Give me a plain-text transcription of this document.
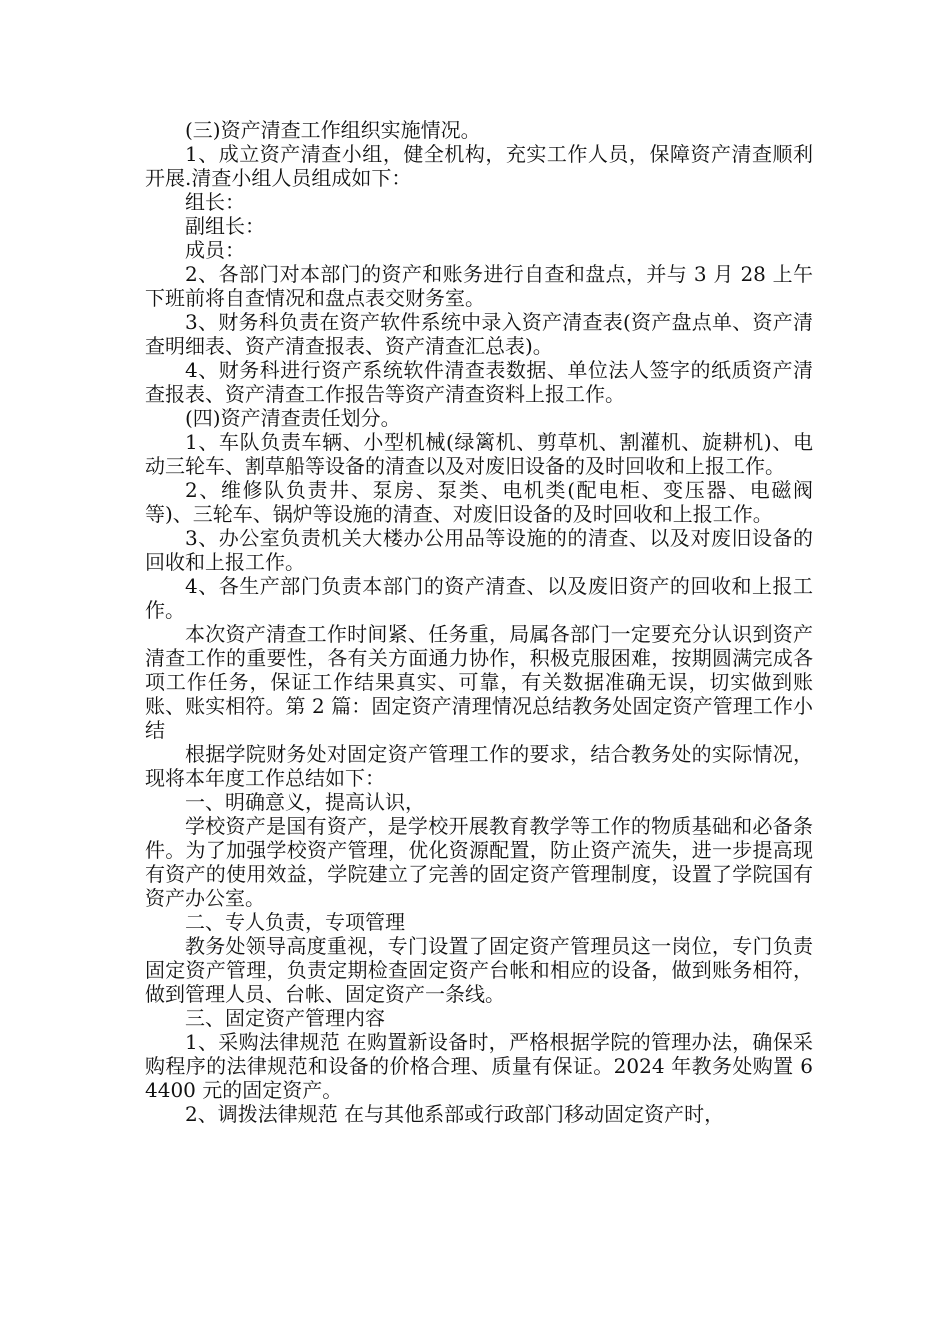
(三)资产清查工作组织实施情况。

1、成立资产清查小组，健全机构，充实工作人员，保障资产清查顺利开展.清查小组人员组成如下：

组长：

副组长：

成员：

2、各部门对本部门的资产和账务进行自查和盘点，并与 3 月 28 上午下班前将自查情况和盘点表交财务室。

3、财务科负责在资产软件系统中录入资产清查表(资产盘点单、资产清查明细表、资产清查报表、资产清查汇总表)。

4、财务科进行资产系统软件清查表数据、单位法人签字的纸质资产清查报表、资产清查工作报告等资产清查资料上报工作。

(四)资产清查责任划分。

1、车队负责车辆、小型机械(绿篱机、剪草机、割灌机、旋耕机)、电动三轮车、割草船等设备的清查以及对废旧设备的及时回收和上报工作。

2、维修队负责井、泵房、泵类、电机类(配电柜、变压器、电磁阀等)、三轮车、锅炉等设施的清查、对废旧设备的及时回收和上报工作。

3、办公室负责机关大楼办公用品等设施的的清查、以及对废旧设备的回收和上报工作。

4、各生产部门负责本部门的资产清查、以及废旧资产的回收和上报工作。

本次资产清查工作时间紧、任务重，局属各部门一定要充分认识到资产清查工作的重要性，各有关方面通力协作，积极克服困难，按期圆满完成各项工作任务，保证工作结果真实、可靠，有关数据准确无误，切实做到账账、账实相符。第 2 篇：固定资产清理情况总结教务处固定资产管理工作小结

根据学院财务处对固定资产管理工作的要求，结合教务处的实际情况，现将本年度工作总结如下：

一、明确意义，提高认识，

学校资产是国有资产，是学校开展教育教学等工作的物质基础和必备条件。为了加强学校资产管理，优化资源配置，防止资产流失，进一步提高现有资产的使用效益，学院建立了完善的固定资产管理制度，设置了学院国有资产办公室。

二、专人负责，专项管理

教务处领导高度重视，专门设置了固定资产管理员这一岗位，专门负责固定资产管理，负责定期检查固定资产台帐和相应的设备，做到账务相符，做到管理人员、台帐、固定资产一条线。

三、固定资产管理内容

1、采购法律规范 在购置新设备时，严格根据学院的管理办法，确保采购程序的法律规范和设备的价格合理、质量有保证。2024 年教务处购置 64400 元的固定资产。

2、调拨法律规范 在与其他系部或行政部门移动固定资产时，
